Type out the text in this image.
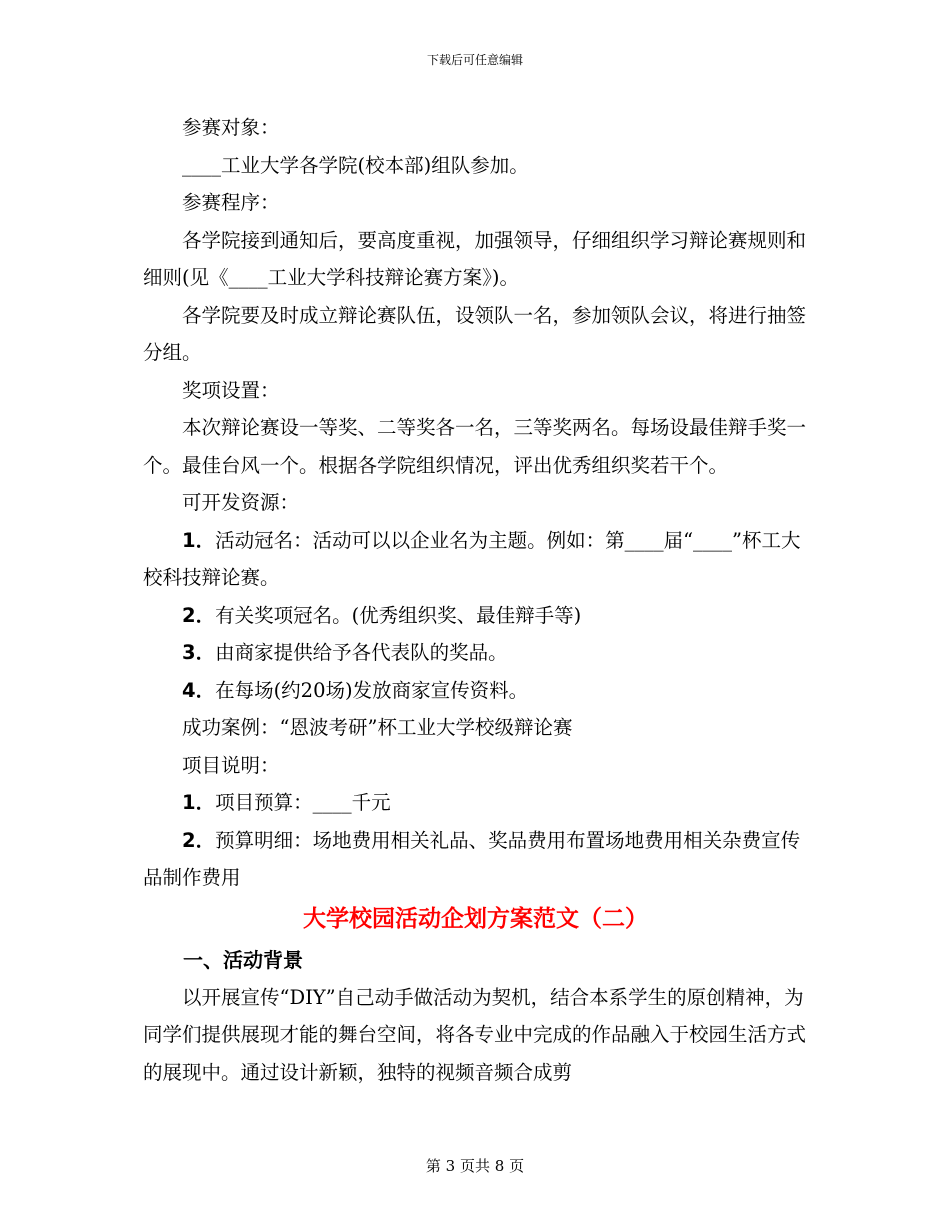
下载后可任意编辑

参赛对象：

____工业大学各学院(校本部)组队参加。

参赛程序：

各学院接到通知后，要高度重视，加强领导，仔细组织学习辩论赛规则和细则(见《____工业大学科技辩论赛方案》)。

各学院要及时成立辩论赛队伍，设领队一名，参加领队会议，将进行抽签分组。

奖项设置：

本次辩论赛设一等奖、二等奖各一名，三等奖两名。每场设最佳辩手奖一个。最佳台风一个。根据各学院组织情况，评出优秀组织奖若干个。

可开发资源：

1．活动冠名：活动可以以企业名为主题。例如：第____届“____”杯工大校科技辩论赛。

2．有关奖项冠名。(优秀组织奖、最佳辩手等)

3．由商家提供给予各代表队的奖品。

4．在每场(约20场)发放商家宣传资料。

成功案例：“恩波考研”杯工业大学校级辩论赛

项目说明：

1．项目预算：____千元

2．预算明细：场地费用相关礼品、奖品费用布置场地费用相关杂费宣传品制作费用

大学校园活动企划方案范文（二）

一、活动背景

以开展宣传“DIY”自己动手做活动为契机，结合本系学生的原创精神，为同学们提供展现才能的舞台空间，将各专业中完成的作品融入于校园生活方式的展现中。通过设计新颖，独特的视频音频合成剪

第 3 页共 8 页
